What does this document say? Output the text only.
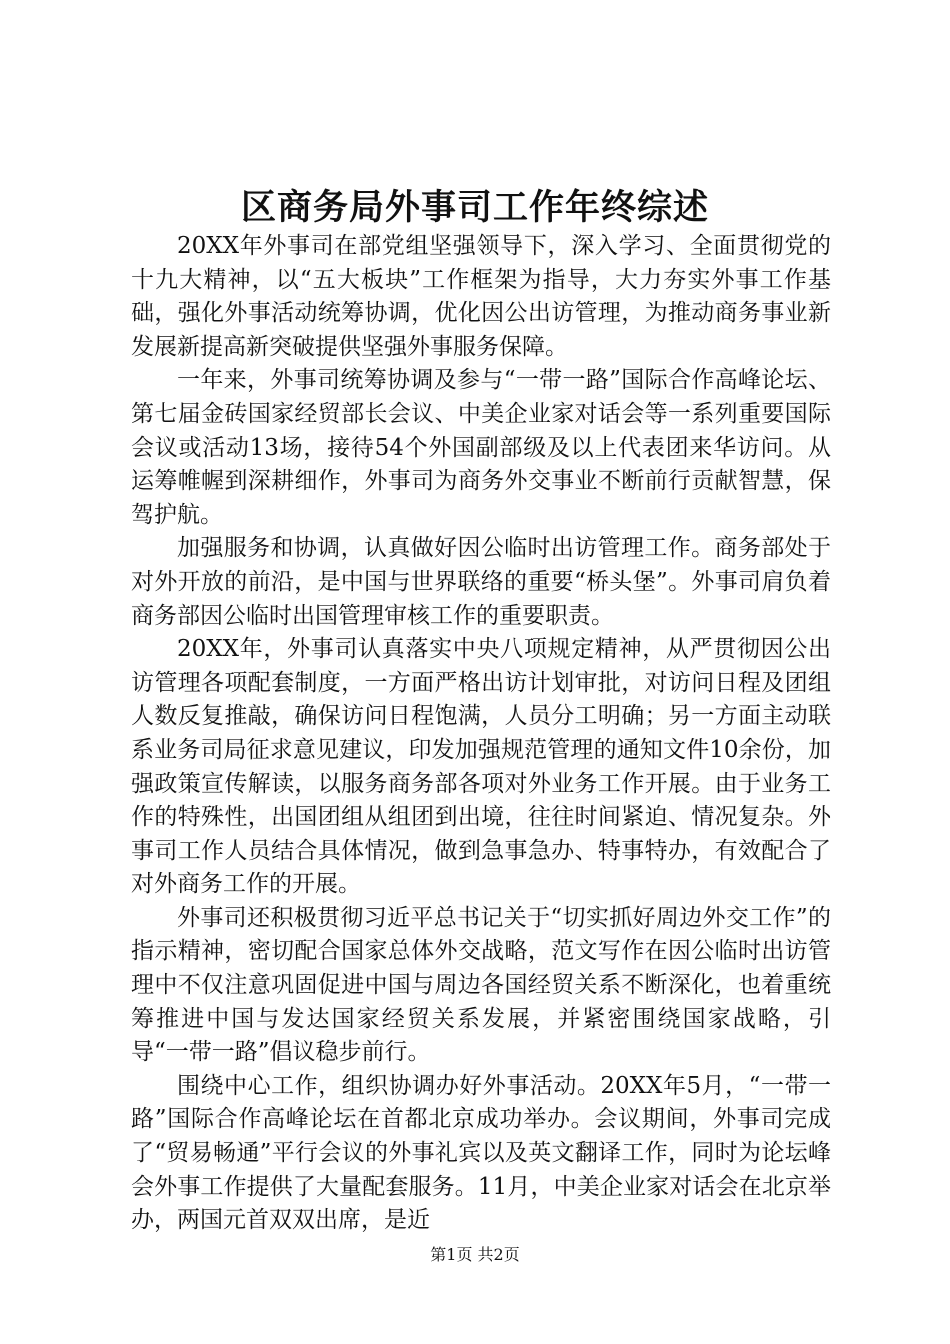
区商务局外事司工作年终综述

20XX年外事司在部党组坚强领导下，深入学习、全面贯彻党的十九大精神，以“五大板块”工作框架为指导，大力夯实外事工作基础，强化外事活动统筹协调，优化因公出访管理，为推动商务事业新发展新提高新突破提供坚强外事服务保障。

一年来，外事司统筹协调及参与“一带一路”国际合作高峰论坛、第七届金砖国家经贸部长会议、中美企业家对话会等一系列重要国际会议或活动13场，接待54个外国副部级及以上代表团来华访问。从运筹帷幄到深耕细作，外事司为商务外交事业不断前行贡献智慧，保驾护航。

加强服务和协调，认真做好因公临时出访管理工作。商务部处于对外开放的前沿，是中国与世界联络的重要“桥头堡”。外事司肩负着商务部因公临时出国管理审核工作的重要职责。

20XX年，外事司认真落实中央八项规定精神，从严贯彻因公出访管理各项配套制度，一方面严格出访计划审批，对访问日程及团组人数反复推敲，确保访问日程饱满，人员分工明确；另一方面主动联系业务司局征求意见建议，印发加强规范管理的通知文件10余份，加强政策宣传解读，以服务商务部各项对外业务工作开展。由于业务工作的特殊性，出国团组从组团到出境，往往时间紧迫、情况复杂。外事司工作人员结合具体情况，做到急事急办、特事特办，有效配合了对外商务工作的开展。

外事司还积极贯彻习近平总书记关于“切实抓好周边外交工作”的指示精神，密切配合国家总体外交战略，范文写作在因公临时出访管理中不仅注意巩固促进中国与周边各国经贸关系不断深化，也着重统筹推进中国与发达国家经贸关系发展，并紧密围绕国家战略，引导“一带一路”倡议稳步前行。

围绕中心工作，组织协调办好外事活动。20XX年5月，“一带一路”国际合作高峰论坛在首都北京成功举办。会议期间，外事司完成了“贸易畅通”平行会议的外事礼宾以及英文翻译工作，同时为论坛峰会外事工作提供了大量配套服务。11月，中美企业家对话会在北京举办，两国元首双双出席，是近

第1页 共2页
